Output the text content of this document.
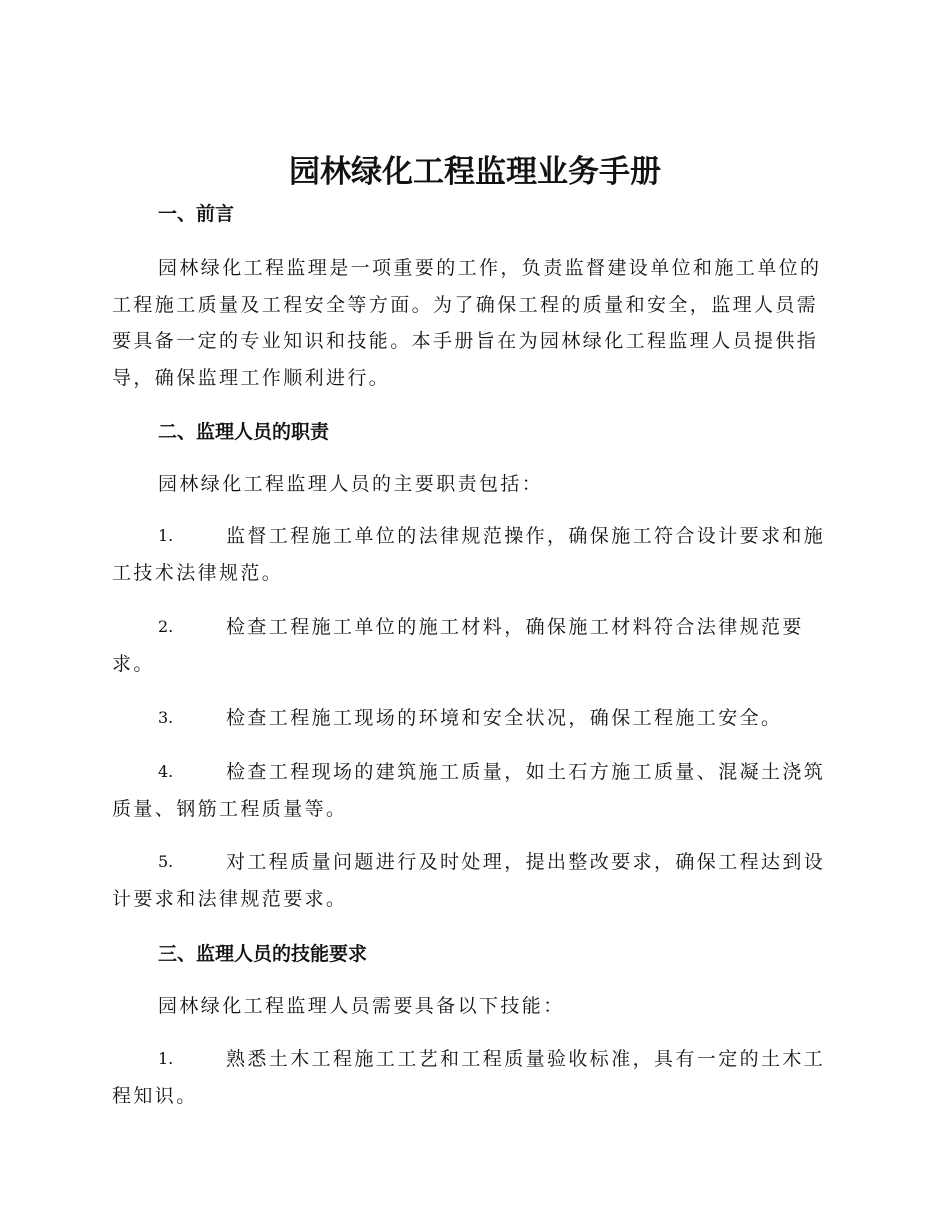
园林绿化工程监理业务手册
一、前言
园林绿化工程监理是一项重要的工作，负责监督建设单位和施工单位的工程施工质量及工程安全等方面。为了确保工程的质量和安全，监理人员需要具备一定的专业知识和技能。本手册旨在为园林绿化工程监理人员提供指导，确保监理工作顺利进行。
二、监理人员的职责
园林绿化工程监理人员的主要职责包括：
1.	监督工程施工单位的法律规范操作，确保施工符合设计要求和施工技术法律规范。
2.	检查工程施工单位的施工材料，确保施工材料符合法律规范要求。
3.	检查工程施工现场的环境和安全状况，确保工程施工安全。
4.	检查工程现场的建筑施工质量，如土石方施工质量、混凝土浇筑质量、钢筋工程质量等。
5.	对工程质量问题进行及时处理，提出整改要求，确保工程达到设计要求和法律规范要求。
三、监理人员的技能要求
园林绿化工程监理人员需要具备以下技能：
1.	熟悉土木工程施工工艺和工程质量验收标准，具有一定的土木工程知识。
